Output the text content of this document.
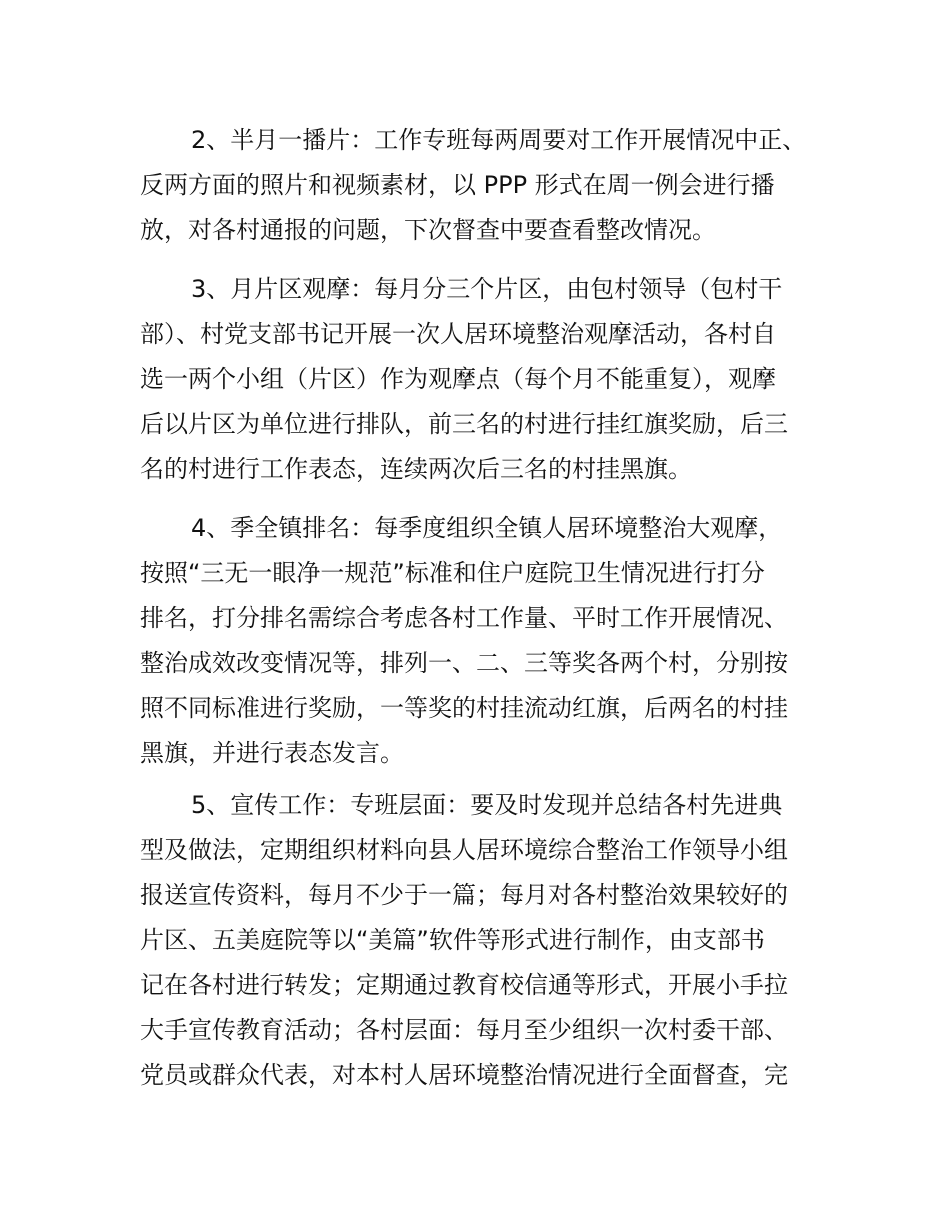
2、半月一播片：工作专班每两周要对工作开展情况中正、
反两方面的照片和视频素材，以 PPP 形式在周一例会进行播
放，对各村通报的问题，下次督查中要查看整改情况。
3、月片区观摩：每月分三个片区，由包村领导（包村干
部）、村党支部书记开展一次人居环境整治观摩活动，各村自
选一两个小组（片区）作为观摩点（每个月不能重复），观摩
后以片区为单位进行排队，前三名的村进行挂红旗奖励，后三
名的村进行工作表态，连续两次后三名的村挂黑旗。
4、季全镇排名：每季度组织全镇人居环境整治大观摩，
按照“三无一眼净一规范”标准和住户庭院卫生情况进行打分
排名，打分排名需综合考虑各村工作量、平时工作开展情况、
整治成效改变情况等，排列一、二、三等奖各两个村，分别按
照不同标准进行奖励，一等奖的村挂流动红旗，后两名的村挂
黑旗，并进行表态发言。
5、宣传工作：专班层面：要及时发现并总结各村先进典
型及做法，定期组织材料向县人居环境综合整治工作领导小组
报送宣传资料，每月不少于一篇；每月对各村整治效果较好的
片区、五美庭院等以“美篇”软件等形式进行制作，由支部书
记在各村进行转发；定期通过教育校信通等形式，开展小手拉
大手宣传教育活动；各村层面：每月至少组织一次村委干部、
党员或群众代表，对本村人居环境整治情况进行全面督查，完
